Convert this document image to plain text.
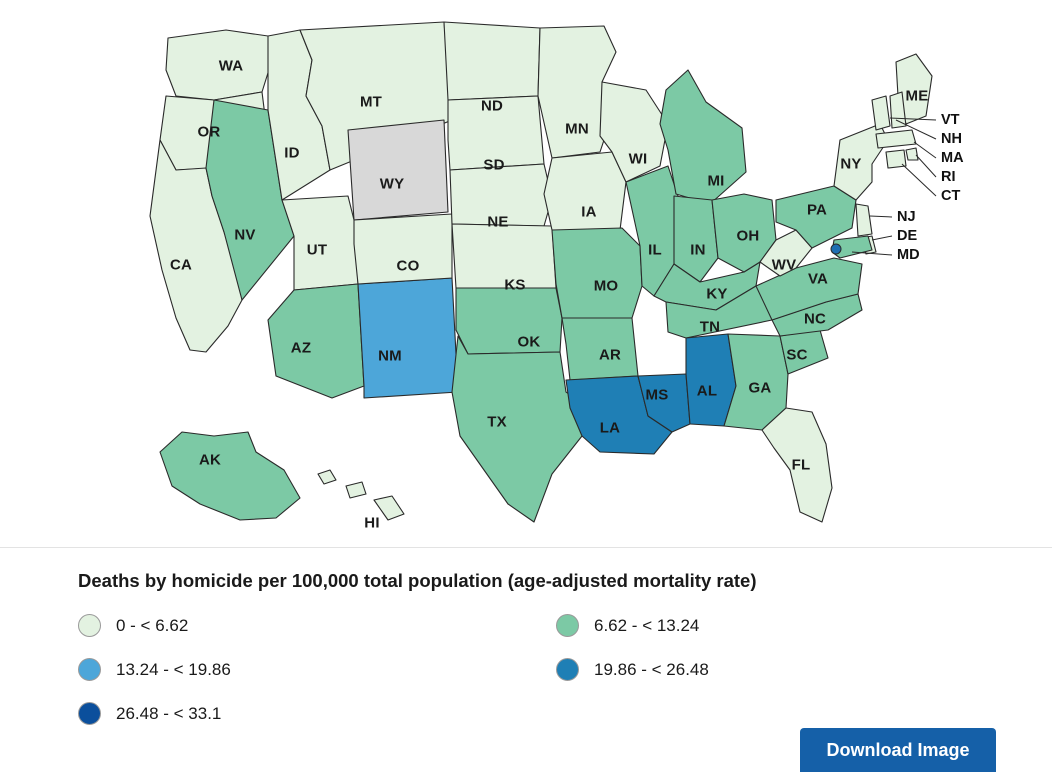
WA
OR
CA
NV
ID
MT
WY
UT
AZ	NM
CO
ND
SD
NE
KS
OK
TX
MN
IA
MO
AR
LA
WI
IL
MS
MI
IN
KY
TN
AL
OH
GA
FL
SC
NC
VA
WV
PA
NY
ME
AK
HI
VT
NH
MA
RI
CT
NJ
DE
MD
Deaths by homicide per 100,000 total population (age-adjusted mortality rate)
0 - < 6.62	6.62 - < 13.24
13.24 - < 19.86	19.86 - < 26.48
26.48 - < 33.1
Download Image
